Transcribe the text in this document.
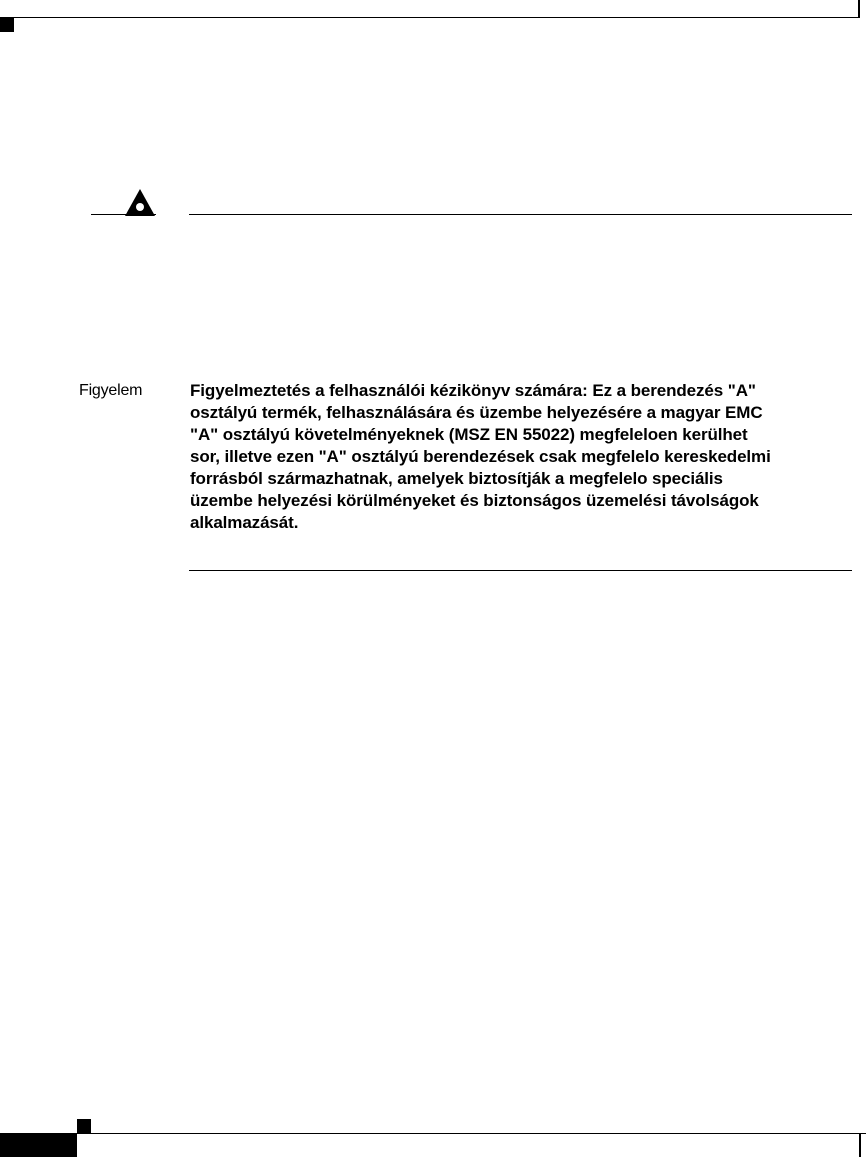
Figyelem	Figyelmeztetés a felhasználói kézikönyv számára: Ez a berendezés "A"
osztályú termék, felhasználására és üzembe helyezésére a magyar EMC
"A" osztályú követelményeknek (MSZ EN 55022) megfeleloen kerülhet
sor, illetve ezen "A" osztályú berendezések csak megfelelo kereskedelmi
forrásból származhatnak, amelyek biztosítják a megfelelo speciális
üzembe helyezési körülményeket és biztonságos üzemelési távolságok
alkalmazását.
